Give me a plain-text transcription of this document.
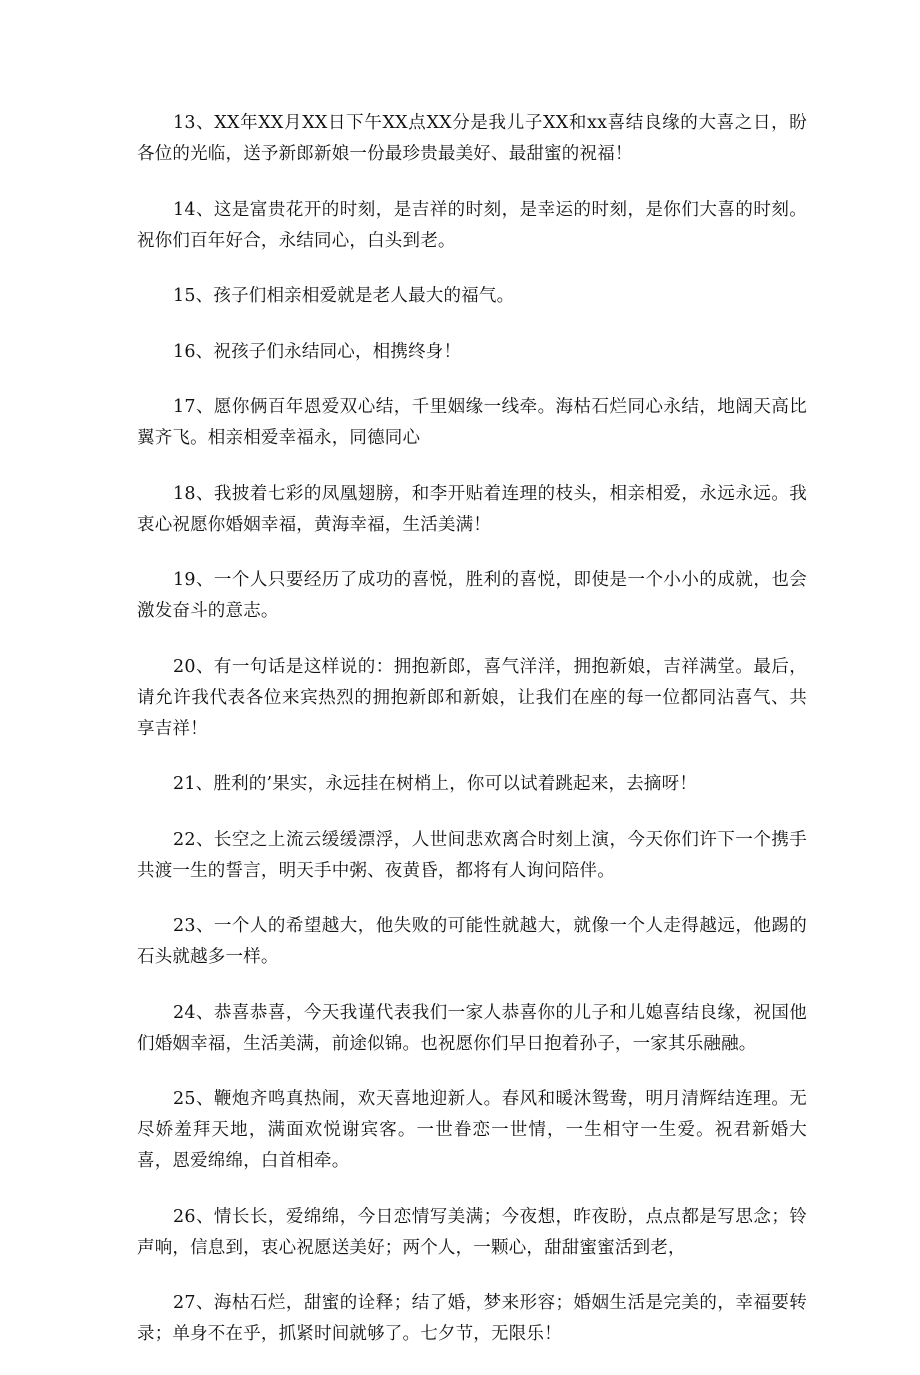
13、XX年XX月XX日下午XX点XX分是我儿子XX和xx喜结良缘的大喜之日，盼各位的光临，送予新郎新娘一份最珍贵最美好、最甜蜜的祝福！

14、这是富贵花开的时刻，是吉祥的时刻，是幸运的时刻，是你们大喜的时刻。祝你们百年好合，永结同心，白头到老。

15、孩子们相亲相爱就是老人最大的福气。

16、祝孩子们永结同心，相携终身！

17、愿你俩百年恩爱双心结，千里姻缘一线牵。海枯石烂同心永结，地阔天高比翼齐飞。相亲相爱幸福永，同德同心

18、我披着七彩的凤凰翅膀，和李开贴着连理的枝头，相亲相爱，永远永远。我衷心祝愿你婚姻幸福，黄海幸福，生活美满！

19、一个人只要经历了成功的喜悦，胜利的喜悦，即使是一个小小的成就，也会激发奋斗的意志。

20、有一句话是这样说的：拥抱新郎，喜气洋洋，拥抱新娘，吉祥满堂。最后，请允许我代表各位来宾热烈的拥抱新郎和新娘，让我们在座的每一位都同沾喜气、共享吉祥！

21、胜利的’果实，永远挂在树梢上，你可以试着跳起来，去摘呀！

22、长空之上流云缓缓漂浮，人世间悲欢离合时刻上演，今天你们许下一个携手共渡一生的誓言，明天手中粥、夜黄昏，都将有人询问陪伴。

23、一个人的希望越大，他失败的可能性就越大，就像一个人走得越远，他踢的石头就越多一样。

24、恭喜恭喜，今天我谨代表我们一家人恭喜你的儿子和儿媳喜结良缘，祝国他们婚姻幸福，生活美满，前途似锦。也祝愿你们早日抱着孙子，一家其乐融融。

25、鞭炮齐鸣真热闹，欢天喜地迎新人。春风和暖沐鸳鸯，明月清辉结连理。无尽娇羞拜天地，满面欢悦谢宾客。一世眷恋一世情，一生相守一生爱。祝君新婚大喜，恩爱绵绵，白首相牵。

26、情长长，爱绵绵，今日恋情写美满；今夜想，昨夜盼，点点都是写思念；铃声响，信息到，衷心祝愿送美好；两个人，一颗心，甜甜蜜蜜活到老，

27、海枯石烂，甜蜜的诠释；结了婚，梦来形容；婚姻生活是完美的，幸福要转录；单身不在乎，抓紧时间就够了。七夕节，无限乐！
